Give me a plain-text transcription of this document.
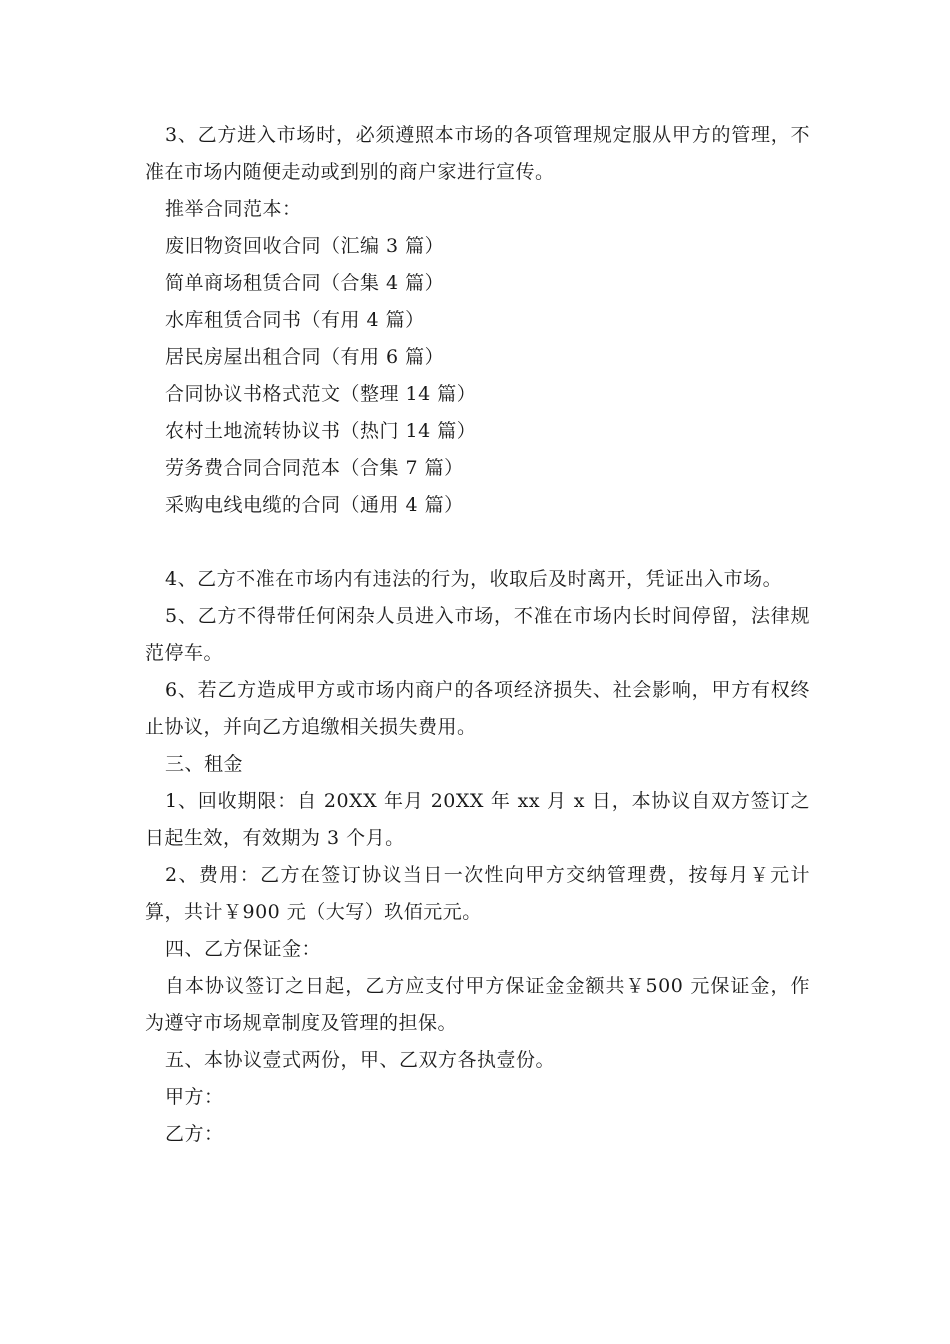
3、乙方进入市场时，必须遵照本市场的各项管理规定服从甲方的管理，不准在市场内随便走动或到别的商户家进行宣传。

推举合同范本：

废旧物资回收合同（汇编 3 篇）

简单商场租赁合同（合集 4 篇）

水库租赁合同书（有用 4 篇）

居民房屋出租合同（有用 6 篇）

合同协议书格式范文（整理 14 篇）

农村土地流转协议书（热门 14 篇）

劳务费合同合同范本（合集 7 篇）

采购电线电缆的合同（通用 4 篇）

4、乙方不准在市场内有违法的行为，收取后及时离开，凭证出入市场。

5、乙方不得带任何闲杂人员进入市场，不准在市场内长时间停留，法律规范停车。

6、若乙方造成甲方或市场内商户的各项经济损失、社会影响，甲方有权终止协议，并向乙方追缴相关损失费用。

三、租金

1、回收期限：自 20XX 年月 20XX 年 xx 月 x 日，本协议自双方签订之日起生效，有效期为 3 个月。

2、费用：乙方在签订协议当日一次性向甲方交纳管理费，按每月￥元计算，共计￥900 元（大写）玖佰元元。

四、乙方保证金：

自本协议签订之日起，乙方应支付甲方保证金金额共￥500 元保证金，作为遵守市场规章制度及管理的担保。

五、本协议壹式两份，甲、乙双方各执壹份。

甲方：

乙方：
